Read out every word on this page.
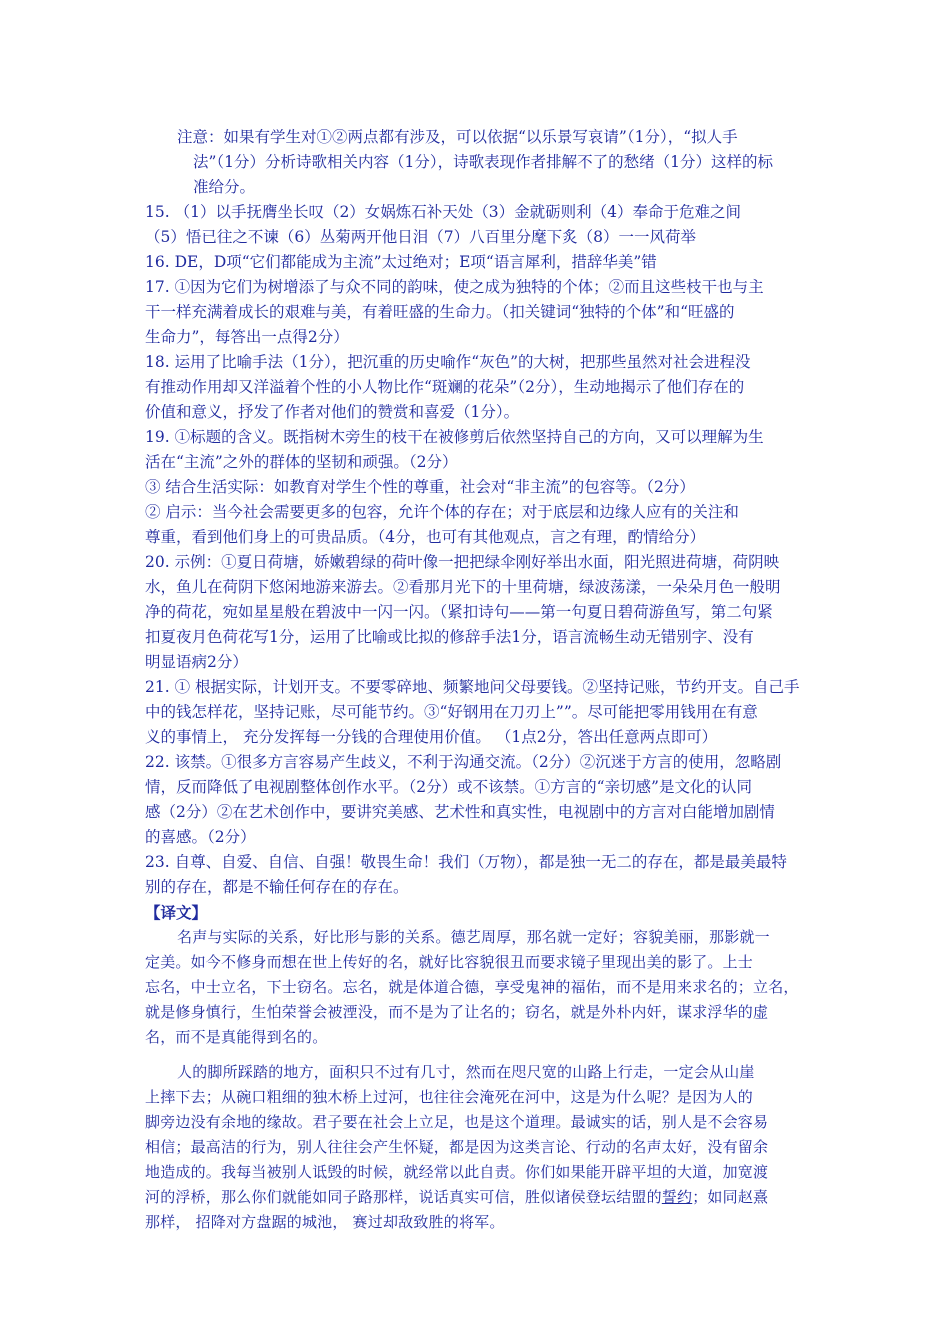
注意：如果有学生对①②两点都有涉及，可以依据“以乐景写哀请”（1分），“拟人手

法”（1分）分析诗歌相关内容（1分），诗歌表现作者排解不了的愁绪（1分）这样的标

准给分。

15. （1）以手抚膺坐长叹（2）女娲炼石补天处（3）金就砺则利（4）奉命于危难之间

（5）悟已往之不谏（6）丛菊两开他日泪（7）八百里分麾下炙（8）一一风荷举

16. DE，D项“它们都能成为主流”太过绝对；E项“语言犀利，措辞华美”错

17. ①因为它们为树增添了与众不同的韵味，使之成为独特的个体；②而且这些枝干也与主

干一样充满着成长的艰难与美，有着旺盛的生命力。（扣关键词“独特的个体”和“旺盛的

生命力”，每答出一点得2分）

18. 运用了比喻手法（1分），把沉重的历史喻作“灰色”的大树，把那些虽然对社会进程没

有推动作用却又洋溢着个性的小人物比作“斑斓的花朵”（2分），生动地揭示了他们存在的

价值和意义，抒发了作者对他们的赞赏和喜爱（1分）。

19. ①标题的含义。既指树木旁生的枝干在被修剪后依然坚持自己的方向，又可以理解为生

活在“主流”之外的群体的坚韧和顽强。（2分）

③ 结合生活实际：如教育对学生个性的尊重，社会对“非主流”的包容等。（2分）

② 启示：当今社会需要更多的包容，允许个体的存在；对于底层和边缘人应有的关注和

尊重，看到他们身上的可贵品质。（4分，也可有其他观点，言之有理，酌情给分）

20. 示例：①夏日荷塘，娇嫩碧绿的荷叶像一把把绿伞刚好举出水面，阳光照进荷塘，荷阴映

水，鱼儿在荷阴下悠闲地游来游去。②看那月光下的十里荷塘，绿波荡漾，一朵朵月色一般明

净的荷花，宛如星星般在碧波中一闪一闪。（紧扣诗句——第一句夏日碧荷游鱼写，第二句紧

扣夏夜月色荷花写1分，运用了比喻或比拟的修辞手法1分，语言流畅生动无错别字、没有

明显语病2分）

21. ① 根据实际，计划开支。不要零碎地、频繁地问父母要钱。②坚持记账，节约开支。自己手

中的钱怎样花，坚持记账，尽可能节约。③“好钢用在刀刃上””。尽可能把零用钱用在有意

义的事情上， 充分发挥每一分钱的合理使用价值。 （1点2分，答出任意两点即可）

22. 该禁。①很多方言容易产生歧义，不利于沟通交流。（2分）②沉迷于方言的使用，忽略剧

情，反而降低了电视剧整体创作水平。（2分）或不该禁。①方言的“亲切感”是文化的认同

感（2分）②在艺术创作中，要讲究美感、艺术性和真实性，电视剧中的方言对白能增加剧情

的喜感。（2分）

23. 自尊、自爱、自信、自强！敬畏生命！我们（万物），都是独一无二的存在，都是最美最特

别的存在，都是不输任何存在的存在。

【译文】

名声与实际的关系，好比形与影的关系。德艺周厚，那名就一定好；容貌美丽，那影就一

定美。如今不修身而想在世上传好的名，就好比容貌很丑而要求镜子里现出美的影了。上士

忘名，中士立名，下士窃名。忘名，就是体道合德，享受鬼神的福佑，而不是用来求名的；立名，

就是修身慎行，生怕荣誉会被湮没，而不是为了让名的；窃名，就是外朴内奸，谋求浮华的虚

名，而不是真能得到名的。

人的脚所踩踏的地方，面积只不过有几寸，然而在咫尺宽的山路上行走，一定会从山崖

上摔下去；从碗口粗细的独木桥上过河，也往往会淹死在河中，这是为什么呢？是因为人的

脚旁边没有余地的缘故。君子要在社会上立足，也是这个道理。最诚实的话，别人是不会容易

相信；最高洁的行为，别人往往会产生怀疑，都是因为这类言论、行动的名声太好，没有留余

地造成的。我每当被别人诋毁的时候，就经常以此自责。你们如果能开辟平坦的大道，加宽渡

河的浮桥，那么你们就能如同子路那样，说话真实可信，胜似诸侯登坛结盟的誓约；如同赵熹

那样， 招降对方盘踞的城池， 赛过却敌致胜的将军。
